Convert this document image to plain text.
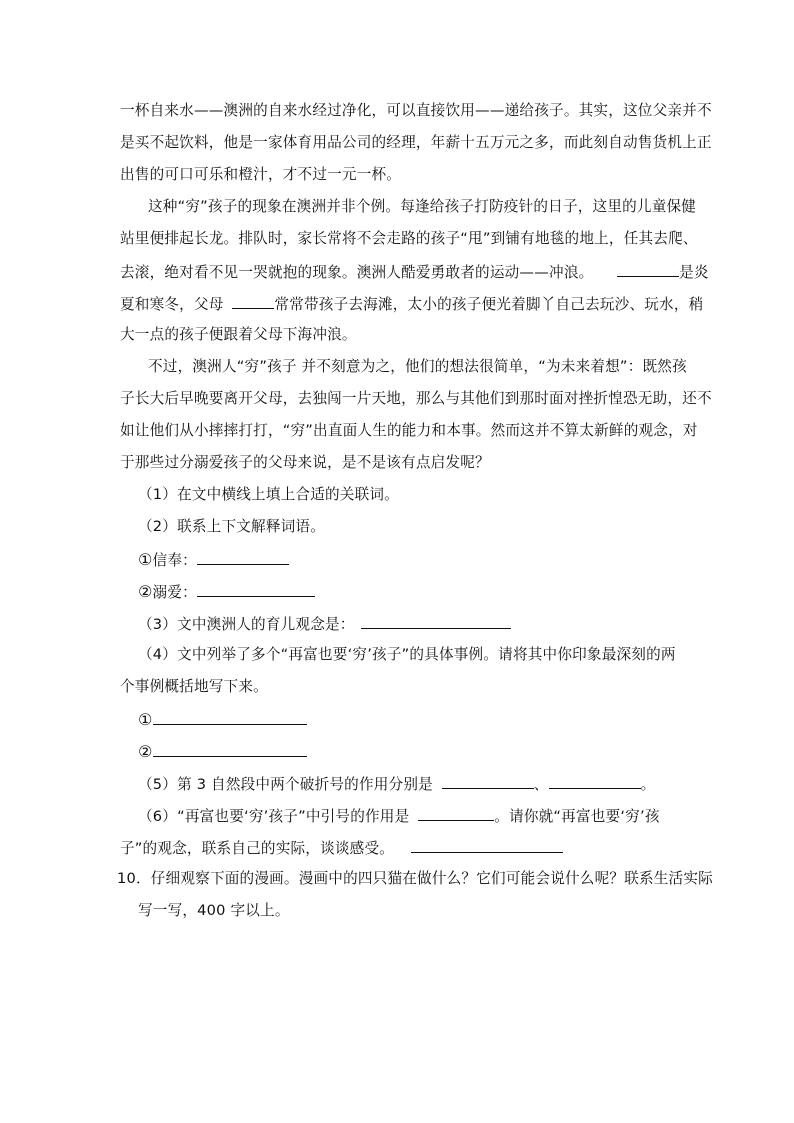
一杯自来水——澳洲的自来水经过净化，可以直接饮用——递给孩子。其实，这位父亲并不
是买不起饮料，他是一家体育用品公司的经理，年薪十五万元之多，而此刻自动售货机上正
出售的可口可乐和橙汁，才不过一元一杯。
这种“穷”孩子的现象在澳洲并非个例。每逢给孩子打防疫针的日子，这里的儿童保健
站里便排起长龙。排队时，家长常将不会走路的孩子“甩”到铺有地毯的地上，任其去爬、
去滚，绝对看不见一哭就抱的现象。澳洲人酷爱勇敢者的运动——冲浪。	是炎
夏和寒冬，父母	常常带孩子去海滩，太小的孩子便光着脚丫自己去玩沙、玩水，稍
大一点的孩子便跟着父母下海冲浪。
不过，澳洲人“穷”孩子 并不刻意为之，他们的想法很简单，“为未来着想”：既然孩
子长大后早晚要离开父母，去独闯一片天地，那么与其他们到那时面对挫折惶恐无助，还不
如让他们从小摔摔打打，“穷”出直面人生的能力和本事。然而这并不算太新鲜的观念，对
于那些过分溺爱孩子的父母来说，是不是该有点启发呢？
（1）在文中横线上填上合适的关联词。
（2）联系上下文解释词语。
①信奉：
②溺爱：
（3）文中澳洲人的育儿观念是：
（4）文中列举了多个“再富也要‘穷’孩子”的具体事例。请将其中你印象最深刻的两
个事例概括地写下来。
①
②
（5）第 3 自然段中两个破折号的作用分别是	、	。
（6）“再富也要‘穷’孩子”中引号的作用是	。请你就“再富也要‘穷’孩
子”的观念，联系自己的实际，谈谈感受。
10．仔细观察下面的漫画。漫画中的四只猫在做什么？它们可能会说什么呢？联系生活实际
写一写，400 字以上。
